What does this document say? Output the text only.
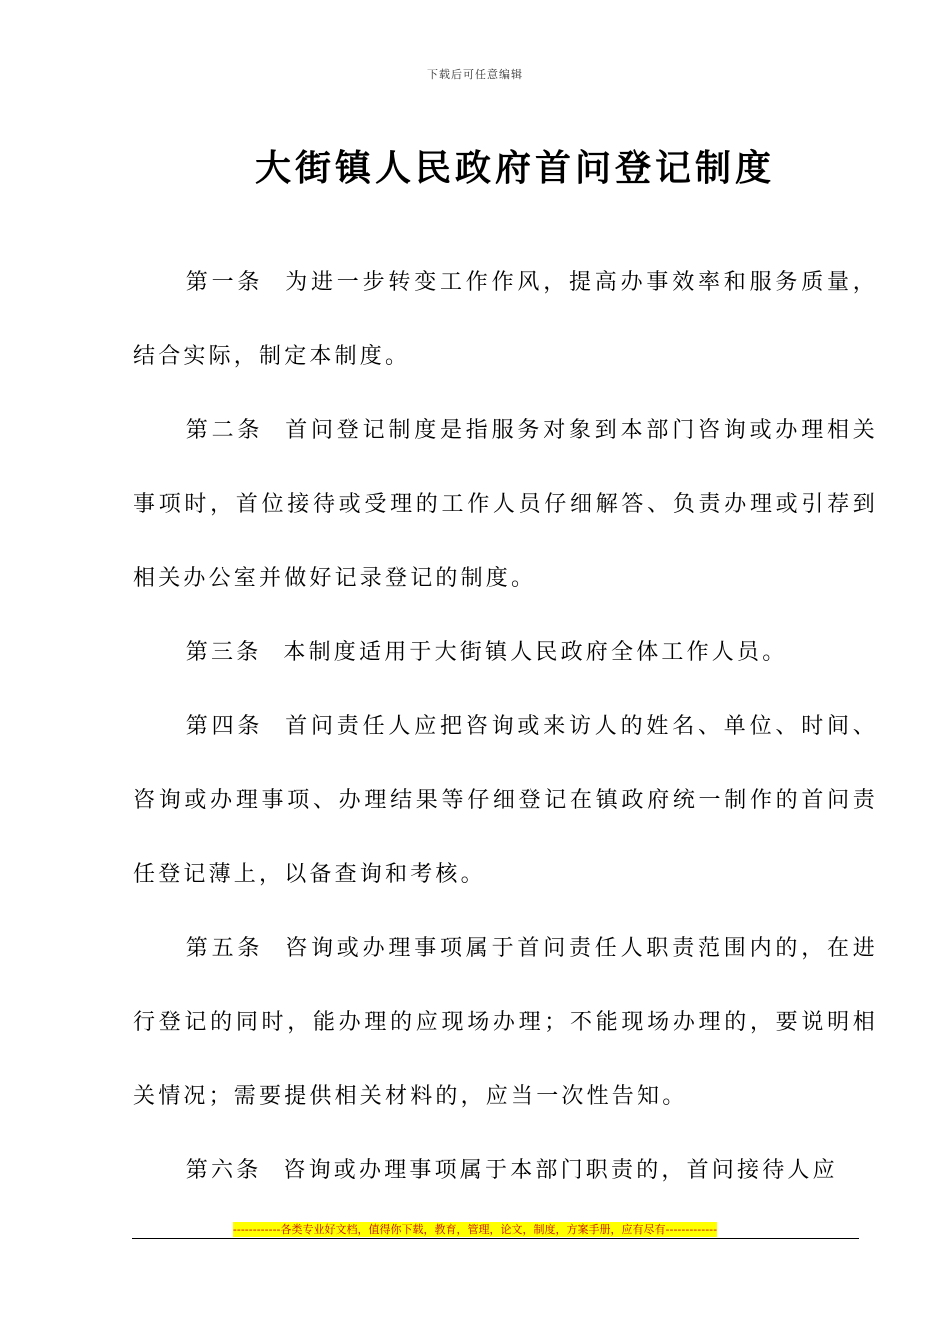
下载后可任意编辑
大街镇人民政府首问登记制度

第一条 为进一步转变工作作风，提高办事效率和服务质量，结合实际，制定本制度。

第二条 首问登记制度是指服务对象到本部门咨询或办理相关事项时，首位接待或受理的工作人员仔细解答、负责办理或引荐到相关办公室并做好记录登记的制度。

第三条 本制度适用于大街镇人民政府全体工作人员。

第四条 首问责任人应把咨询或来访人的姓名、单位、时间、咨询或办理事项、办理结果等仔细登记在镇政府统一制作的首问责任登记薄上，以备查询和考核。

第五条 咨询或办理事项属于首问责任人职责范围内的，在进行登记的同时，能办理的应现场办理；不能现场办理的，要说明相关情况；需要提供相关材料的，应当一次性告知。

第六条 咨询或办理事项属于本部门职责的，首问接待人应

------------各类专业好文档，值得你下载，教育，管理，论文，制度，方案手册，应有尽有-------------
